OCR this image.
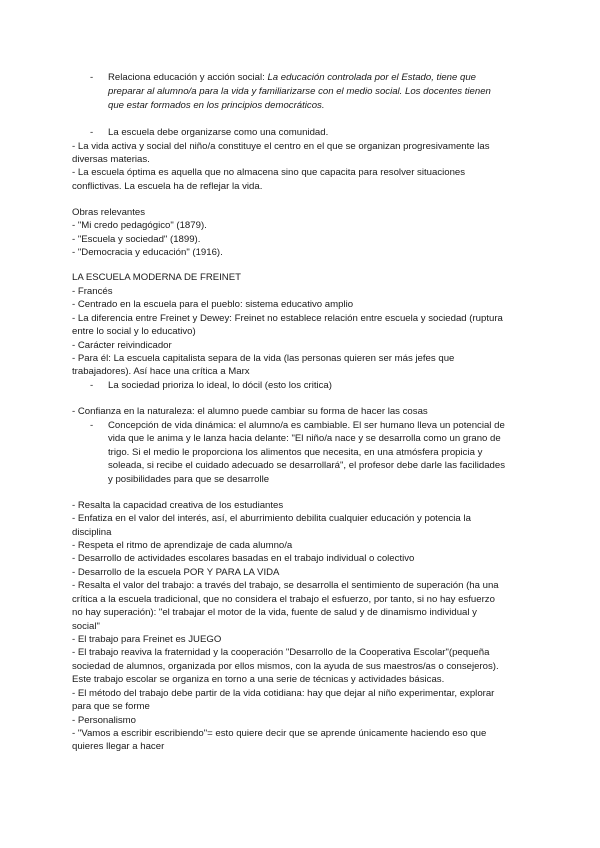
- Relaciona educación y acción social: La educación controlada por el Estado, tiene que
preparar al alumno/a para la vida y familiarizarse con el medio social. Los docentes tienen
que estar formados en los principios democráticos.
- La escuela debe organizarse como una comunidad.
- La vida activa y social del niño/a constituye el centro en el que se organizan progresivamente las
diversas materias.
- La escuela óptima es aquella que no almacena sino que capacita para resolver situaciones
conflictivas. La escuela ha de reflejar la vida.
Obras relevantes
- "Mi credo pedagógico" (1879).
- "Escuela y sociedad" (1899).
- "Democracia y educación" (1916).
LA ESCUELA MODERNA DE FREINET
- Francés
- Centrado en la escuela para el pueblo: sistema educativo amplio
- La diferencia entre Freinet y Dewey: Freinet no establece relación entre escuela y sociedad (ruptura
entre lo social y lo educativo)
- Carácter reivindicador
- Para él: La escuela capitalista separa de la vida (las personas quieren ser más jefes que
trabajadores). Así hace una crítica a Marx
- La sociedad prioriza lo ideal, lo dócil (esto los critica)
- Confianza en la naturaleza: el alumno puede cambiar su forma de hacer las cosas
- Concepción de vida dinámica: el alumno/a es cambiable. El ser humano lleva un potencial de
vida que le anima y le lanza hacia delante: "El niño/a nace y se desarrolla como un grano de
trigo. Si el medio le proporciona los alimentos que necesita, en una atmósfera propicia y
soleada, si recibe el cuidado adecuado se desarrollará", el profesor debe darle las facilidades
y posibilidades para que se desarrolle
- Resalta la capacidad creativa de los estudiantes
- Enfatiza en el valor del interés, así, el aburrimiento debilita cualquier educación y potencia la
disciplina
- Respeta el ritmo de aprendizaje de cada alumno/a
- Desarrollo de actividades escolares basadas en el trabajo individual o colectivo
- Desarrollo de la escuela POR Y PARA LA VIDA
- Resalta el valor del trabajo: a través del trabajo, se desarrolla el sentimiento de superación (ha una
crítica a la escuela tradicional, que no considera el trabajo el esfuerzo, por tanto, si no hay esfuerzo
no hay superación): "el trabajar el motor de la vida, fuente de salud y de dinamismo individual y
social"
- El trabajo para Freinet es JUEGO
- El trabajo reaviva la fraternidad y la cooperación "Desarrollo de la Cooperativa Escolar"(pequeña
sociedad de alumnos, organizada por ellos mismos, con la ayuda de sus maestros/as o consejeros).
Este trabajo escolar se organiza en torno a una serie de técnicas y actividades básicas.
- El método del trabajo debe partir de la vida cotidiana: hay que dejar al niño experimentar, explorar
para que se forme
- Personalismo
- "Vamos a escribir escribiendo"= esto quiere decir que se aprende únicamente haciendo eso que
quieres llegar a hacer
